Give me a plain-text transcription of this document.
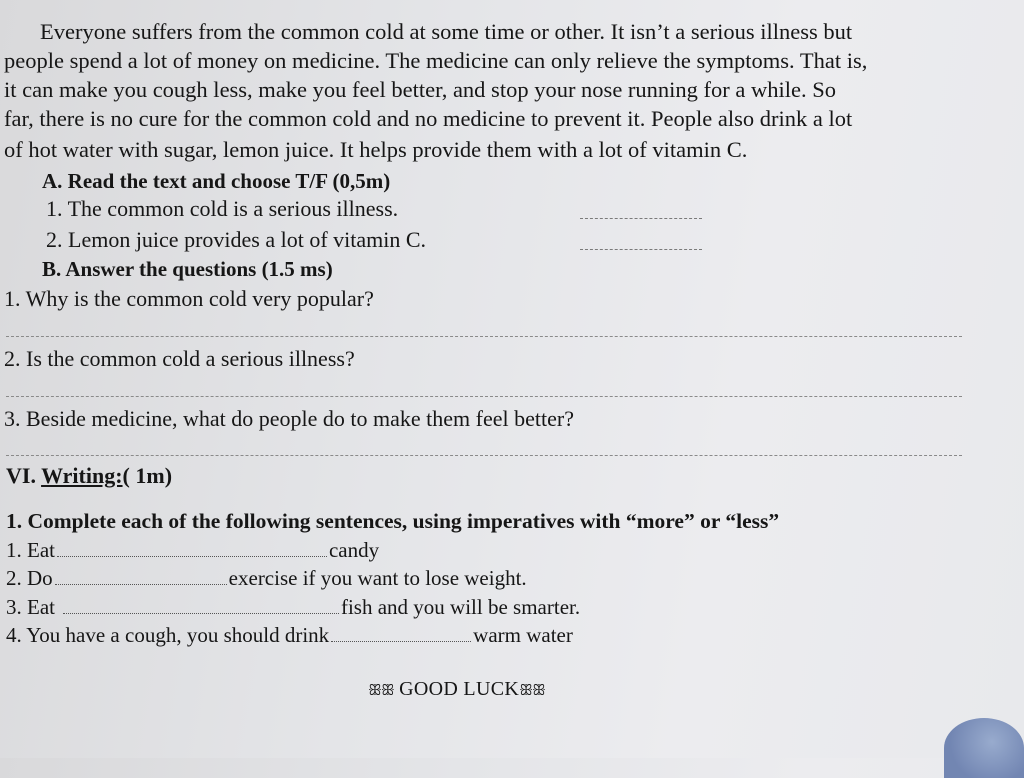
Everyone suffers from the common cold at some time or other. It isn’t a serious illness but
people spend a lot of money on medicine. The medicine can only relieve the symptoms. That is,
it can make you cough less, make you feel better, and stop your nose running for a while. So
far, there is no cure for the common cold and no medicine to prevent it. People also drink a lot
of hot water with sugar, lemon juice. It helps provide them with a lot of vitamin C.
A. Read the text and choose T/F (0,5m)
1. The common cold is a serious illness.
2. Lemon juice provides a lot of vitamin C.
B. Answer the questions (1.5 ms)
1. Why is the common cold very popular?
2. Is the common cold a serious illness?
3. Beside medicine, what do people do to make them feel better?
VI. Writing:( 1m)
1. Complete each of the following sentences, using imperatives with “more” or “less”
1. Eat	candy
2. Do	exercise if you want to lose weight.
3. Eat	fish and you will be smarter.
4. You have a cough, you should drink	warm water
ꕥꕥ GOOD LUCKꕥꕥ
